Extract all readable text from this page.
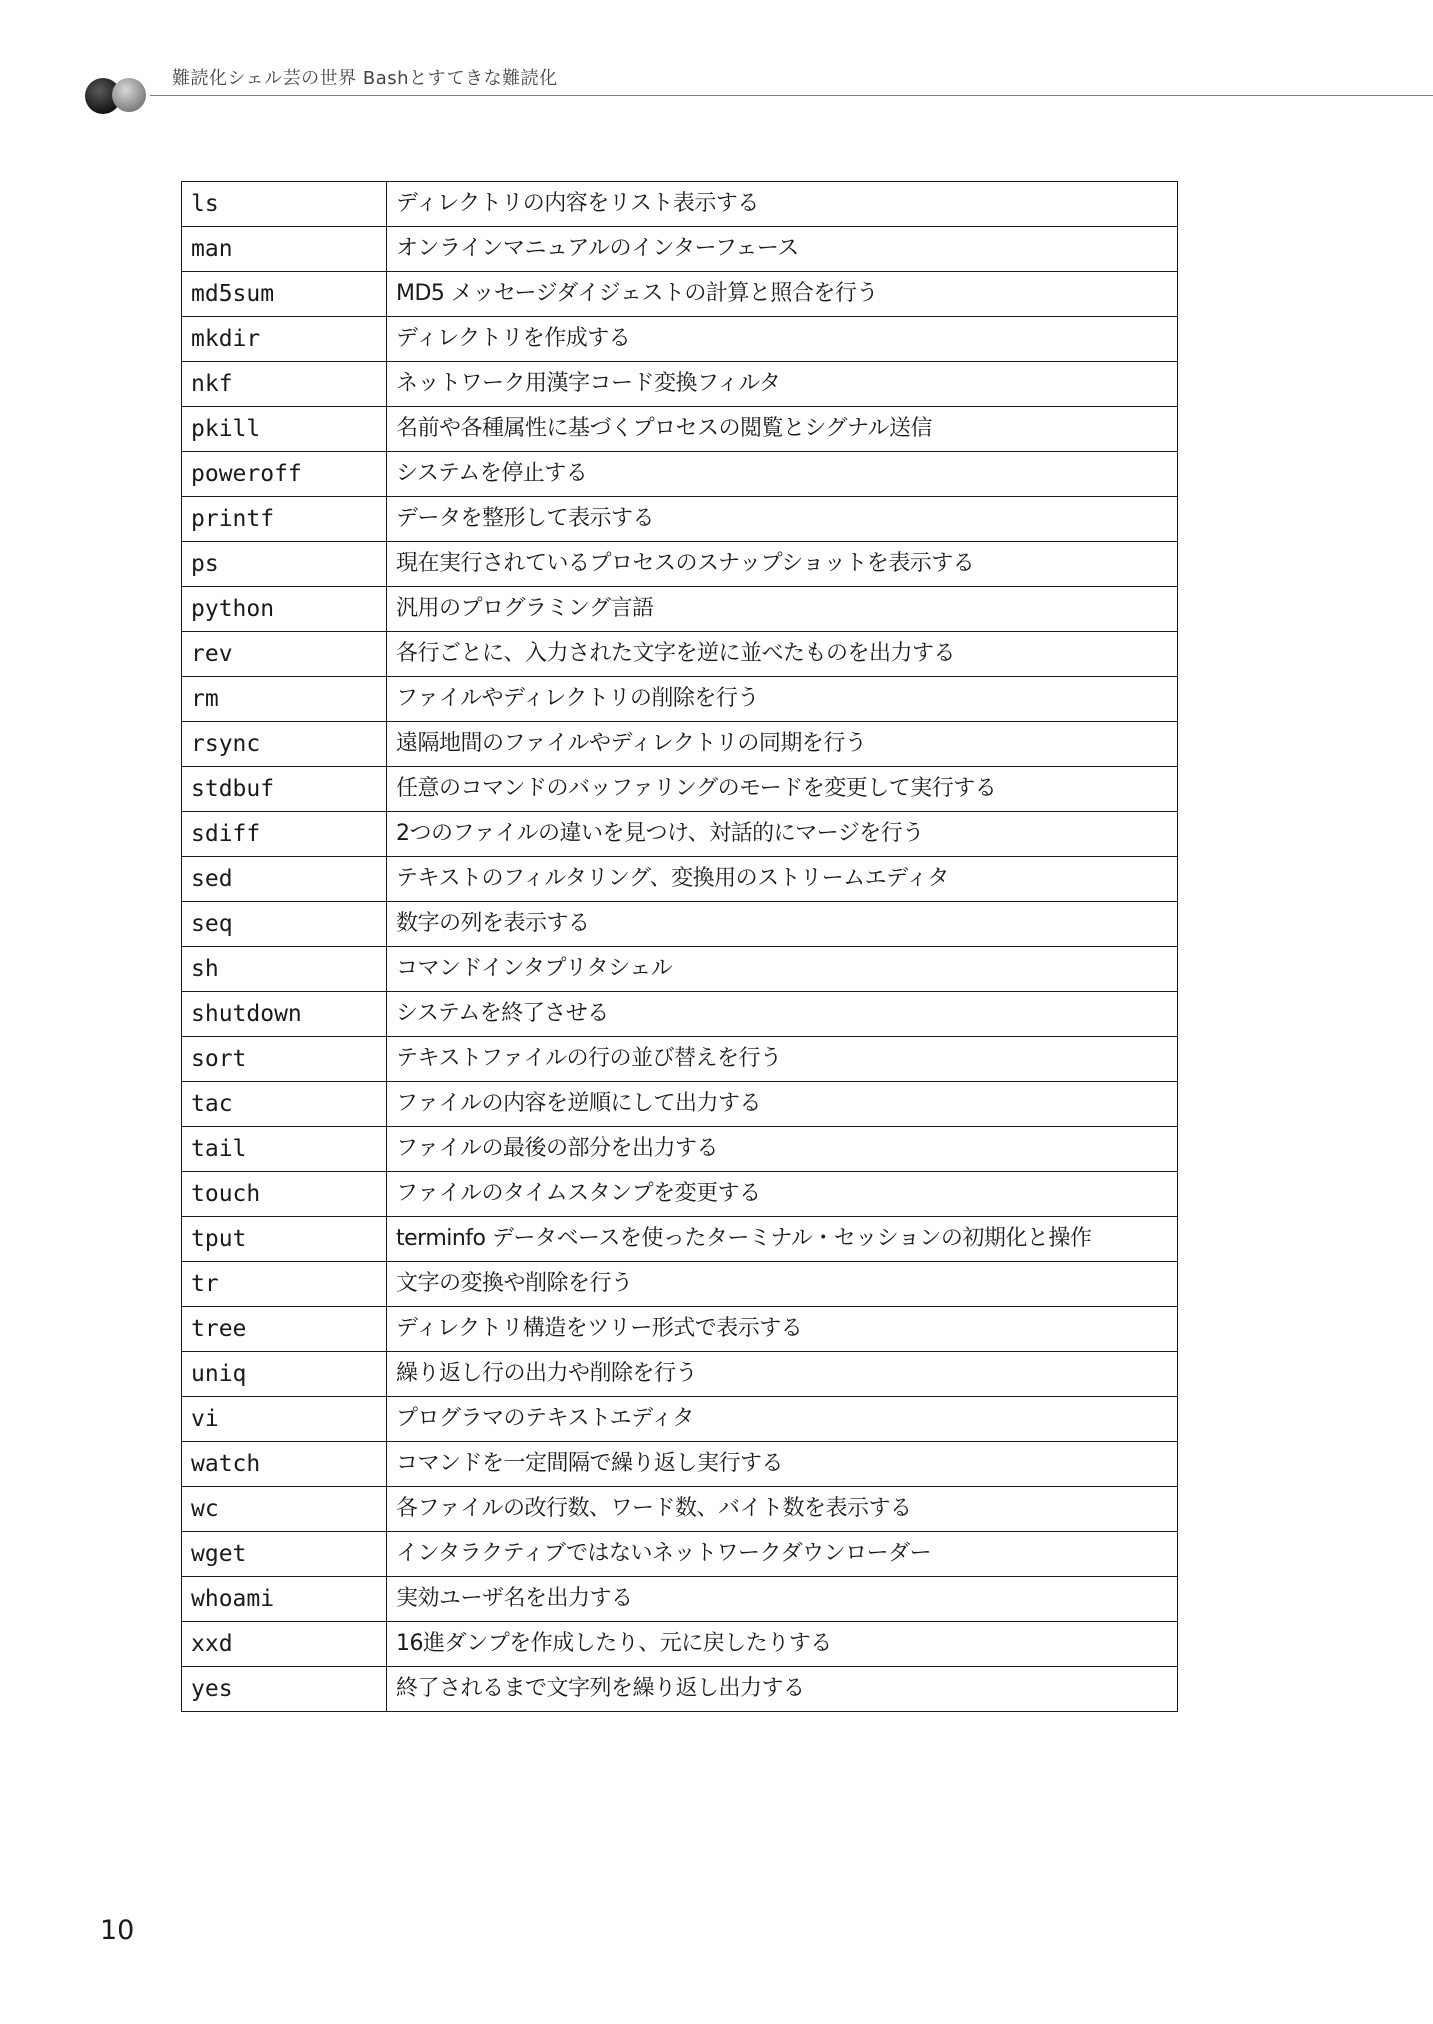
難読化シェル芸の世界 Bashとすてきな難読化
ls	ディレクトリの内容をリスト表示する
man	オンラインマニュアルのインターフェース
md5sum	MD5 メッセージダイジェストの計算と照合を行う
mkdir	ディレクトリを作成する
nkf	ネットワーク用漢字コード変換フィルタ
pkill	名前や各種属性に基づくプロセスの閲覧とシグナル送信
poweroff	システムを停止する
printf	データを整形して表示する
ps	現在実行されているプロセスのスナップショットを表示する
python	汎用のプログラミング言語
rev	各行ごとに、入力された文字を逆に並べたものを出力する
rm	ファイルやディレクトリの削除を行う
rsync	遠隔地間のファイルやディレクトリの同期を行う
stdbuf	任意のコマンドのバッファリングのモードを変更して実行する
sdiff	2つのファイルの違いを見つけ、対話的にマージを行う
sed	テキストのフィルタリング、変換用のストリームエディタ
seq	数字の列を表示する
sh	コマンドインタプリタシェル
shutdown	システムを終了させる
sort	テキストファイルの行の並び替えを行う
tac	ファイルの内容を逆順にして出力する
tail	ファイルの最後の部分を出力する
touch	ファイルのタイムスタンプを変更する
tput	terminfo データベースを使ったターミナル・セッションの初期化と操作
tr	文字の変換や削除を行う
tree	ディレクトリ構造をツリー形式で表示する
uniq	繰り返し行の出力や削除を行う
vi	プログラマのテキストエディタ
watch	コマンドを一定間隔で繰り返し実行する
wc	各ファイルの改行数、ワード数、バイト数を表示する
wget	インタラクティブではないネットワークダウンローダー
whoami	実効ユーザ名を出力する
xxd	16進ダンプを作成したり、元に戻したりする
yes	終了されるまで文字列を繰り返し出力する
10
